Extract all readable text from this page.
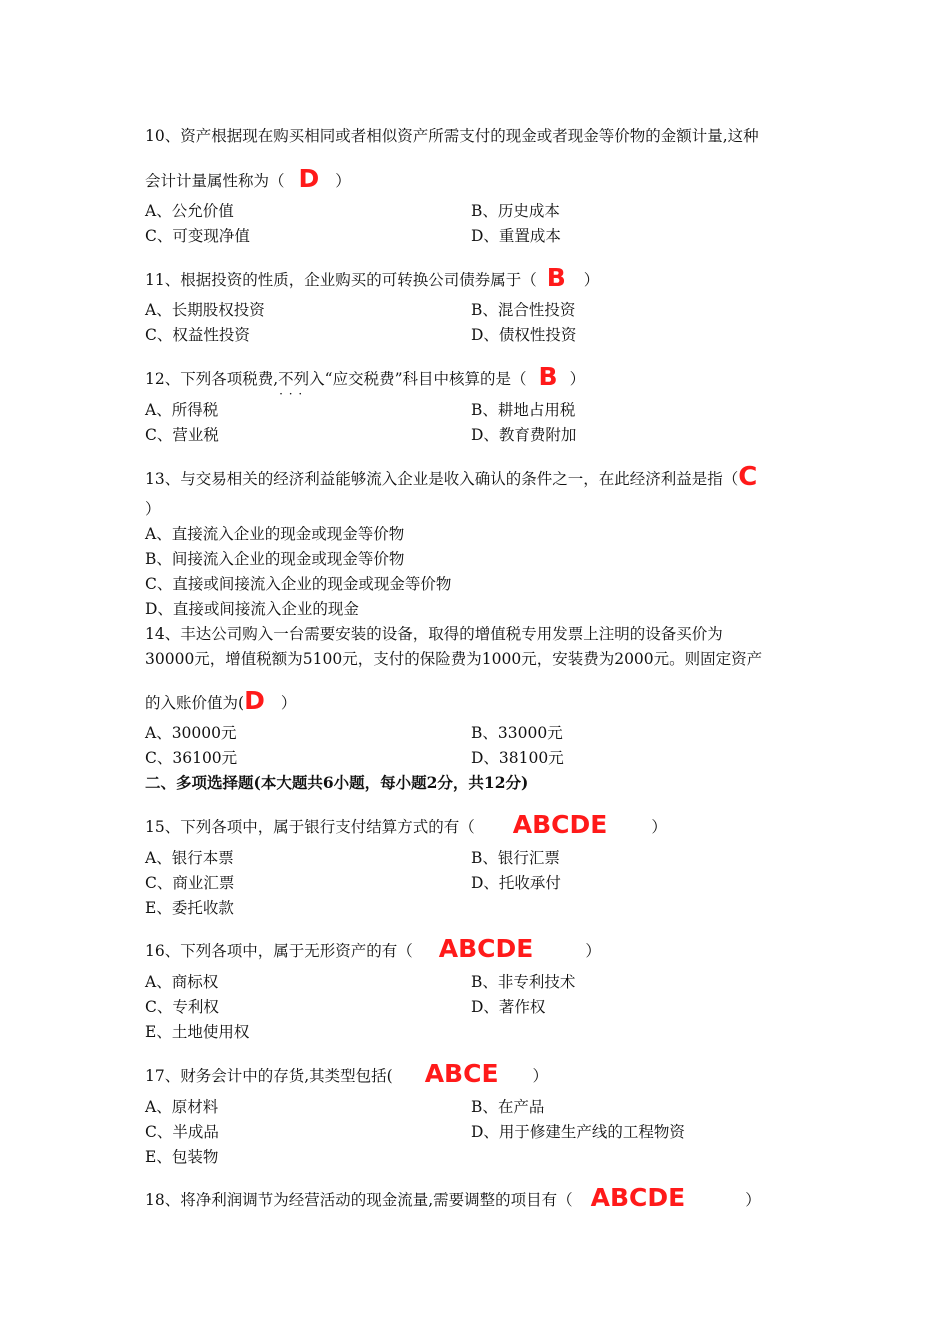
10、资产根据现在购买相同或者相似资产所需支付的现金或者现金等价物的金额计量,这种
会计计量属性称为（ D ）
A、公允价值	B、历史成本
C、可变现净值	D、重置成本
11、根据投资的性质，企业购买的可转换公司债券属于（ B ）
A、长期股权投资	B、混合性投资
C、权益性投资	D、债权性投资
12、下列各项税费,不列入 · · ·“应交税费”科目中核算的是（ B ）
A、所得税	B、耕地占用税
C、营业税	D、教育费附加
13、与交易相关的经济利益能够流入企业是收入确认的条件之一，在此经济利益是指（C
）
A、直接流入企业的现金或现金等价物
B、间接流入企业的现金或现金等价物
C、直接或间接流入企业的现金或现金等价物
D、直接或间接流入企业的现金
14、丰达公司购入一台需要安装的设备，取得的增值税专用发票上注明的设备买价为
30000元，增值税额为5100元，支付的保险费为1000元，安装费为2000元。则固定资产
的入账价值为(D ）
A、30000元	B、33000元
C、36100元	D、38100元
二、多项选择题(本大题共6小题，每小题2分，共12分)
15、下列各项中，属于银行支付结算方式的有（ ABCDE	）
A、银行本票	B、银行汇票
C、商业汇票	D、托收承付
E、委托收款
16、下列各项中，属于无形资产的有（ ABCDE	）
A、商标权	B、非专利技术
C、专利权	D、著作权
E、土地使用权
17、财务会计中的存货,其类型包括( ABCE ）
A、原材料	B、在产品
C、半成品	D、用于修建生产线的工程物资
E、包装物
18、将净利润调节为经营活动的现金流量,需要调整的项目有（ ABCDE	）
